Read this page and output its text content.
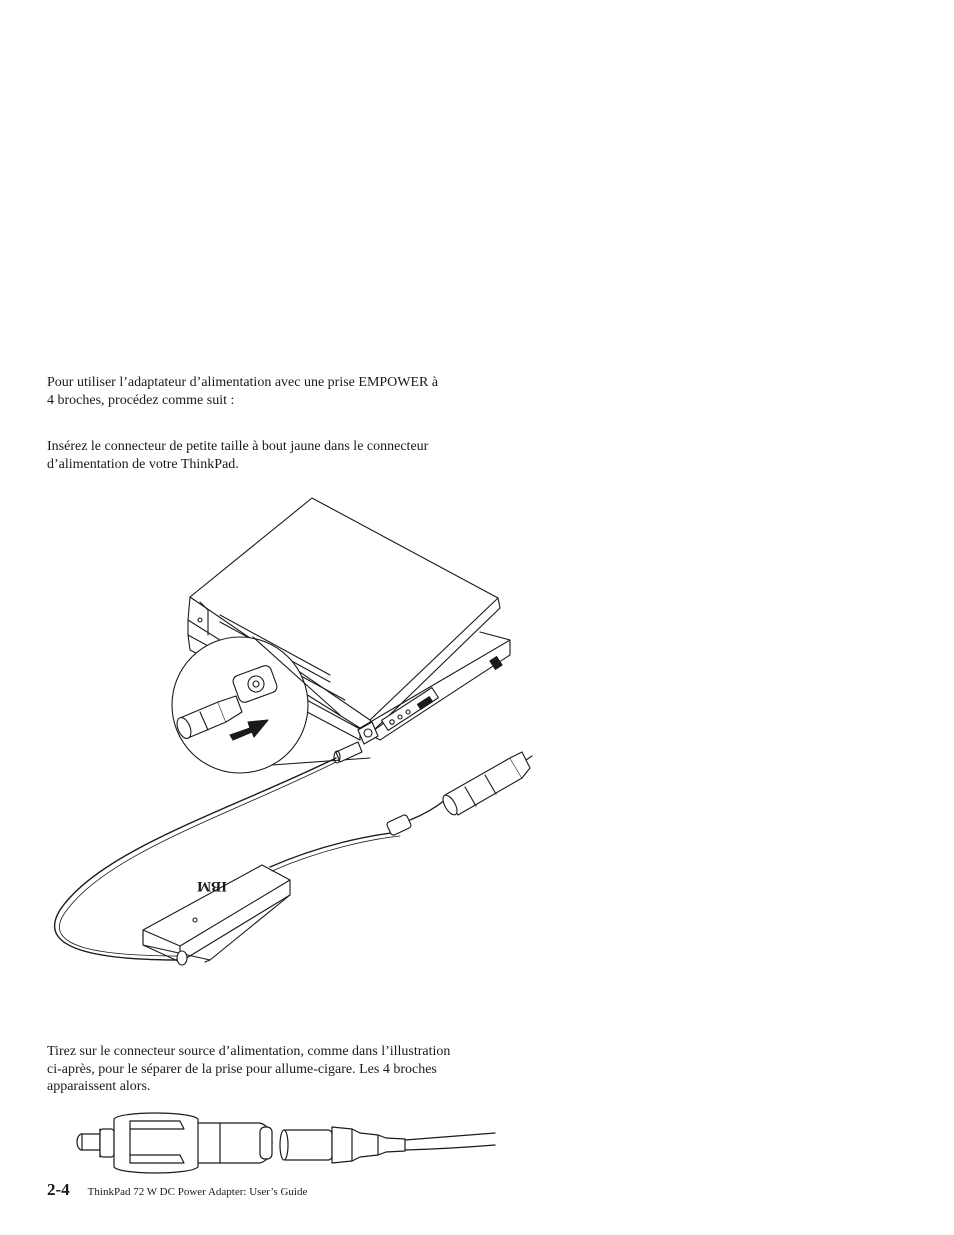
Pour utiliser l’adaptateur d’alimentation avec une prise EMPOWER à
4 broches, procédez comme suit :

Insérez le connecteur de petite taille à bout jaune dans le connecteur
d’alimentation de votre ThinkPad.

IBM

Tirez sur le connecteur source d’alimentation, comme dans l’illustration
ci-après, pour le séparer de la prise pour allume-cigare. Les 4 broches
apparaissent alors.

2-4 ThinkPad 72 W DC Power Adapter: User’s Guide
